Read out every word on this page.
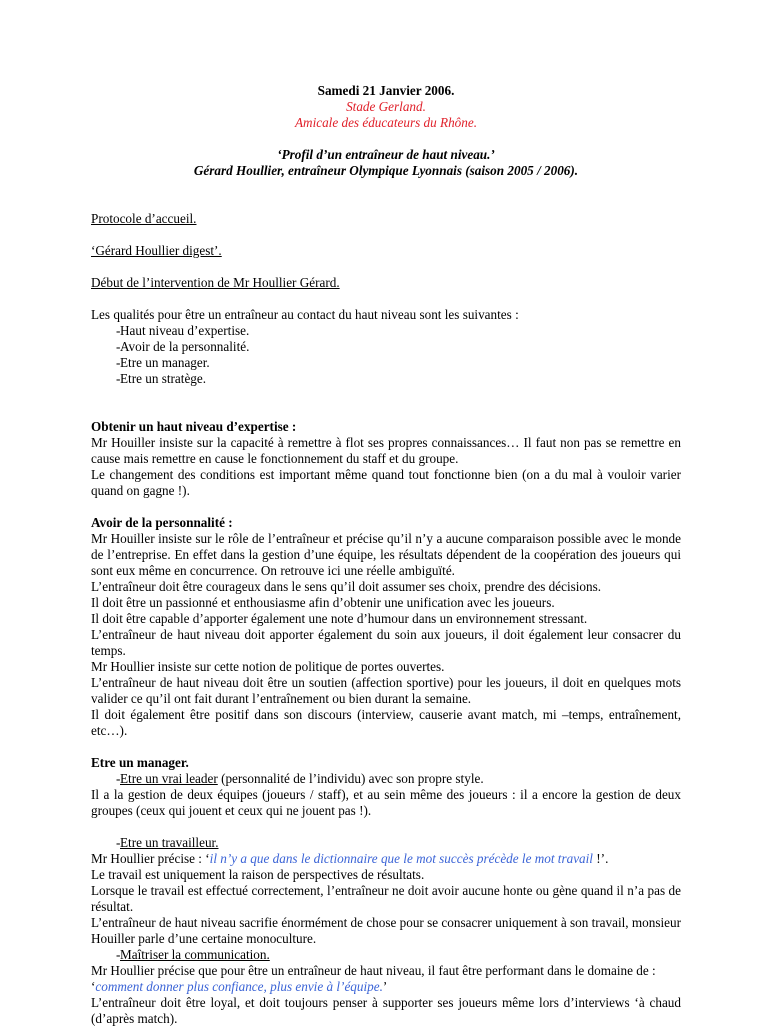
Samedi 21 Janvier 2006.

Stade Gerland.

Amicale des éducateurs du Rhône.

‘Profil d’un entraîneur de haut niveau.’

Gérard Houllier, entraîneur Olympique Lyonnais (saison 2005 / 2006).

Protocole d’accueil.

‘Gérard Houllier digest’.

Début de l’intervention de Mr Houllier Gérard.

Les qualités pour être un entraîneur au contact du haut niveau sont les suivantes :

- Haut niveau d’expertise.
- Avoir de la personnalité.
- Etre un manager.
- Etre un stratège.

Obtenir un haut niveau d’expertise :

Mr Houiller insiste sur la capacité à remettre à flot ses propres connaissances… Il faut non pas se remettre en cause mais remettre en cause le fonctionnement du staff et du groupe.

Le changement des conditions est important même quand tout fonctionne bien (on a du mal à vouloir varier quand on gagne !).

Avoir de la personnalité :

Mr Houiller insiste sur le rôle de l’entraîneur et précise qu’il n’y a aucune comparaison possible avec le monde de l’entreprise. En effet dans la gestion d’une équipe, les résultats dépendent de la coopération des joueurs qui sont eux même en concurrence. On retrouve ici une réelle ambiguïté.

L’entraîneur doit être courageux dans le sens qu’il doit assumer ses choix, prendre des décisions.

Il doit être un passionné et enthousiasme afin d’obtenir une unification avec les joueurs.

Il doit être capable d’apporter également une note d’humour dans un environnement stressant.

L’entraîneur de haut niveau doit apporter également du soin aux joueurs, il doit également leur consacrer du temps.

Mr Houllier insiste sur cette notion de politique de portes ouvertes.

L’entraîneur de haut niveau doit être un soutien (affection sportive) pour les joueurs, il doit en quelques mots valider ce qu’il ont fait durant l’entraînement ou bien durant la semaine.

Il doit également être positif dans son discours (interview, causerie avant match, mi –temps, entraînement, etc…).

Etre un manager.

- Etre un vrai leader (personnalité de l’individu) avec son propre style.

Il a la gestion de deux équipes (joueurs / staff), et au sein même des joueurs : il a encore la gestion de deux groupes (ceux qui jouent et ceux qui ne jouent pas !).

- Etre un travailleur.

Mr Houllier précise : ‘il n’y a que dans le dictionnaire que le mot succès précède le mot travail !’.

Le travail est uniquement la raison de perspectives de résultats.

Lorsque le travail est effectué correctement, l’entraîneur ne doit avoir aucune honte ou gène quand il n’a pas de résultat.

L’entraîneur de haut niveau sacrifie énormément de chose pour se consacrer uniquement à son travail, monsieur Houiller parle d’une certaine monoculture.

- Maîtriser la communication.

Mr Houllier précise que pour être un entraîneur de haut niveau, il faut être performant dans le domaine de :

‘comment donner plus confiance, plus envie à l’équipe.’

L’entraîneur doit être loyal, et doit toujours penser à supporter ses joueurs même lors d’interviews ‘à chaud (d’après match).
